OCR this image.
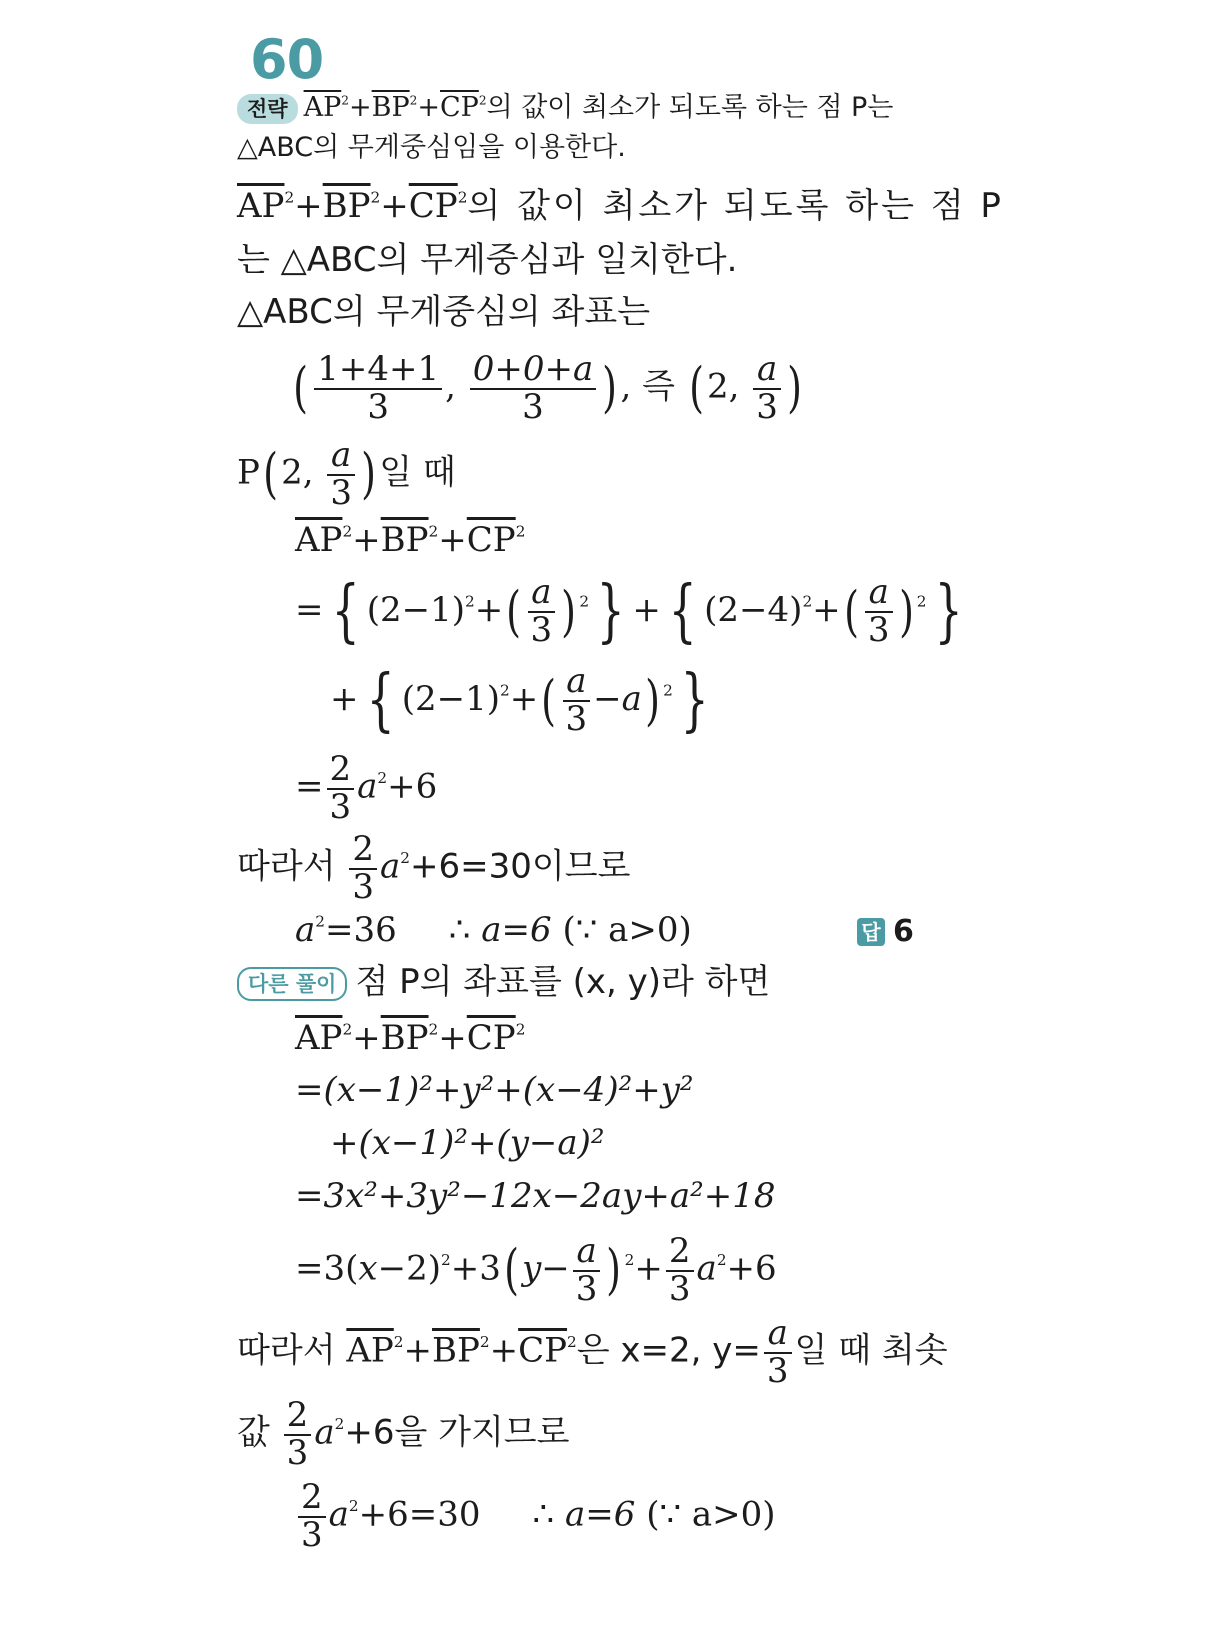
60
전략 $\overline{AP}^2+\overline{BP}^2+\overline{CP}^2$의 값이 최소가 되도록 하는 점 P는
△ABC의 무게중심임을 이용한다.
$\overline{AP}^2+\overline{BP}^2+\overline{CP}^2$의 값이 최소가 되도록 하는 점 P
는 △ABC의 무게중심과 일치한다.
△ABC의 무게중심의 좌표는
( $\frac{1+4+1}{3}$ , $\frac{0+0+a}{3}$ ), 즉 (2, $\frac{a}{3}$ )
P(2, $\frac{a}{3}$ )일 때
$\overline{AP}^2+\overline{BP}^2+\overline{CP}^2$
= { $(2-1)^2+( \frac{a}{3}$ ) $^2$ } + { $(2-4)^2+( \frac{a}{3}$ ) $^2$ }
+ { $(2-1)^2+( \frac{a}{3} -a)$ $^2$ }
= $\frac{2}{3} a^2+6$
따라서 $\frac{2}{3} a^2+6=30$이므로
$a^2=36$ ∴ a=6 (∵ a>0)	답 6
다른 풀이 점 P의 좌표를 (x, y)라 하면
$\overline{AP}^2+\overline{BP}^2+\overline{CP}^2$
=(x−1)²+y²+(x−4)²+y²
+(x−1)²+(y−a)²
=3x²+3y²−12x−2ay+a²+18
$=3(x-2)^2+3(y- \frac{a}{3}$ ) $^2+ \frac{2}{3} a^2+6$
따라서 $\overline{AP}^2+\overline{BP}^2+\overline{CP}^2$은 x=2, $y= \frac{a}{3}$ 일 때 최솟
값 $\frac{2}{3} a^2+6$을 가지므로
$\frac{2}{3} a^2+6=30$ ∴ a=6 (∵ a>0)
